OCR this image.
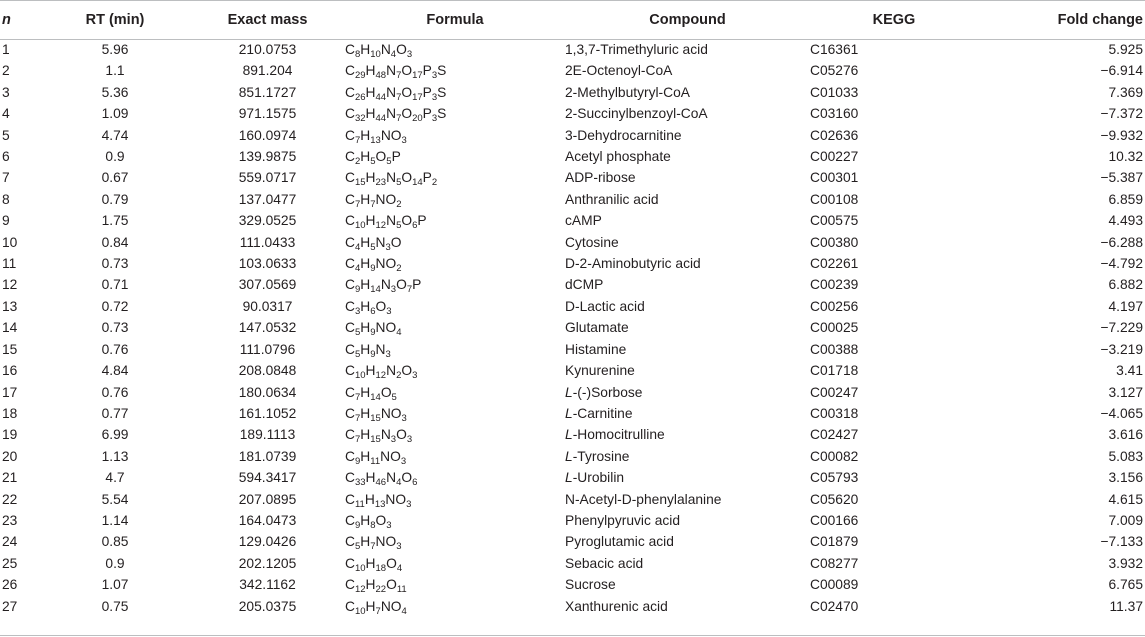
n	RT (min)	Exact mass	Formula	Compound	KEGG	Fold change
1	5.96	210.0753	$C_8H_{10}N_4O_3$	1,3,7-Trimethyluric acid	C16361	5.925
2	1.1	891.204	$C_{29}H_{48}N_7O_{17}P_3S$	2E-Octenoyl-CoA	C05276	−6.914
3	5.36	851.1727	$C_{26}H_{44}N_7O_{17}P_3S$	2-Methylbutyryl-CoA	C01033	7.369
4	1.09	971.1575	$C_{32}H_{44}N_7O_{20}P_3S$	2-Succinylbenzoyl-CoA	C03160	−7.372
5	4.74	160.0974	$C_7H_{13}NO_3$	3-Dehydrocarnitine	C02636	−9.932
6	0.9	139.9875	$C_2H_5O_5P$	Acetyl phosphate	C00227	10.32
7	0.67	559.0717	$C_{15}H_{23}N_5O_{14}P_2$	ADP-ribose	C00301	−5.387
8	0.79	137.0477	$C_7H_7NO_2$	Anthranilic acid	C00108	6.859
9	1.75	329.0525	$C_{10}H_{12}N_5O_6P$	cAMP	C00575	4.493
10	0.84	111.0433	$C_4H_5N_3O$	Cytosine	C00380	−6.288
11	0.73	103.0633	$C_4H_9NO_2$	D-2-Aminobutyric acid	C02261	−4.792
12	0.71	307.0569	$C_9H_{14}N_3O_7P$	dCMP	C00239	6.882
13	0.72	90.0317	$C_3H_6O_3$	D-Lactic acid	C00256	4.197
14	0.73	147.0532	$C_5H_9NO_4$	Glutamate	C00025	−7.229
15	0.76	111.0796	$C_5H_9N_3$	Histamine	C00388	−3.219
16	4.84	208.0848	$C_{10}H_{12}N_2O_3$	Kynurenine	C01718	3.41
17	0.76	180.0634	$C_7H_{14}O_5$	L-(-)Sorbose	C00247	3.127
18	0.77	161.1052	$C_7H_{15}NO_3$	L-Carnitine	C00318	−4.065
19	6.99	189.1113	$C_7H_{15}N_3O_3$	L-Homocitrulline	C02427	3.616
20	1.13	181.0739	$C_9H_{11}NO_3$	L-Tyrosine	C00082	5.083
21	4.7	594.3417	$C_{33}H_{46}N_4O_6$	L-Urobilin	C05793	3.156
22	5.54	207.0895	$C_{11}H_{13}NO_3$	N-Acetyl-D-phenylalanine	C05620	4.615
23	1.14	164.0473	$C_9H_8O_3$	Phenylpyruvic acid	C00166	7.009
24	0.85	129.0426	$C_5H_7NO_3$	Pyroglutamic acid	C01879	−7.133
25	0.9	202.1205	$C_{10}H_{18}O_4$	Sebacic acid	C08277	3.932
26	1.07	342.1162	$C_{12}H_{22}O_{11}$	Sucrose	C00089	6.765
27	0.75	205.0375	$C_{10}H_7NO_4$	Xanthurenic acid	C02470	11.37
